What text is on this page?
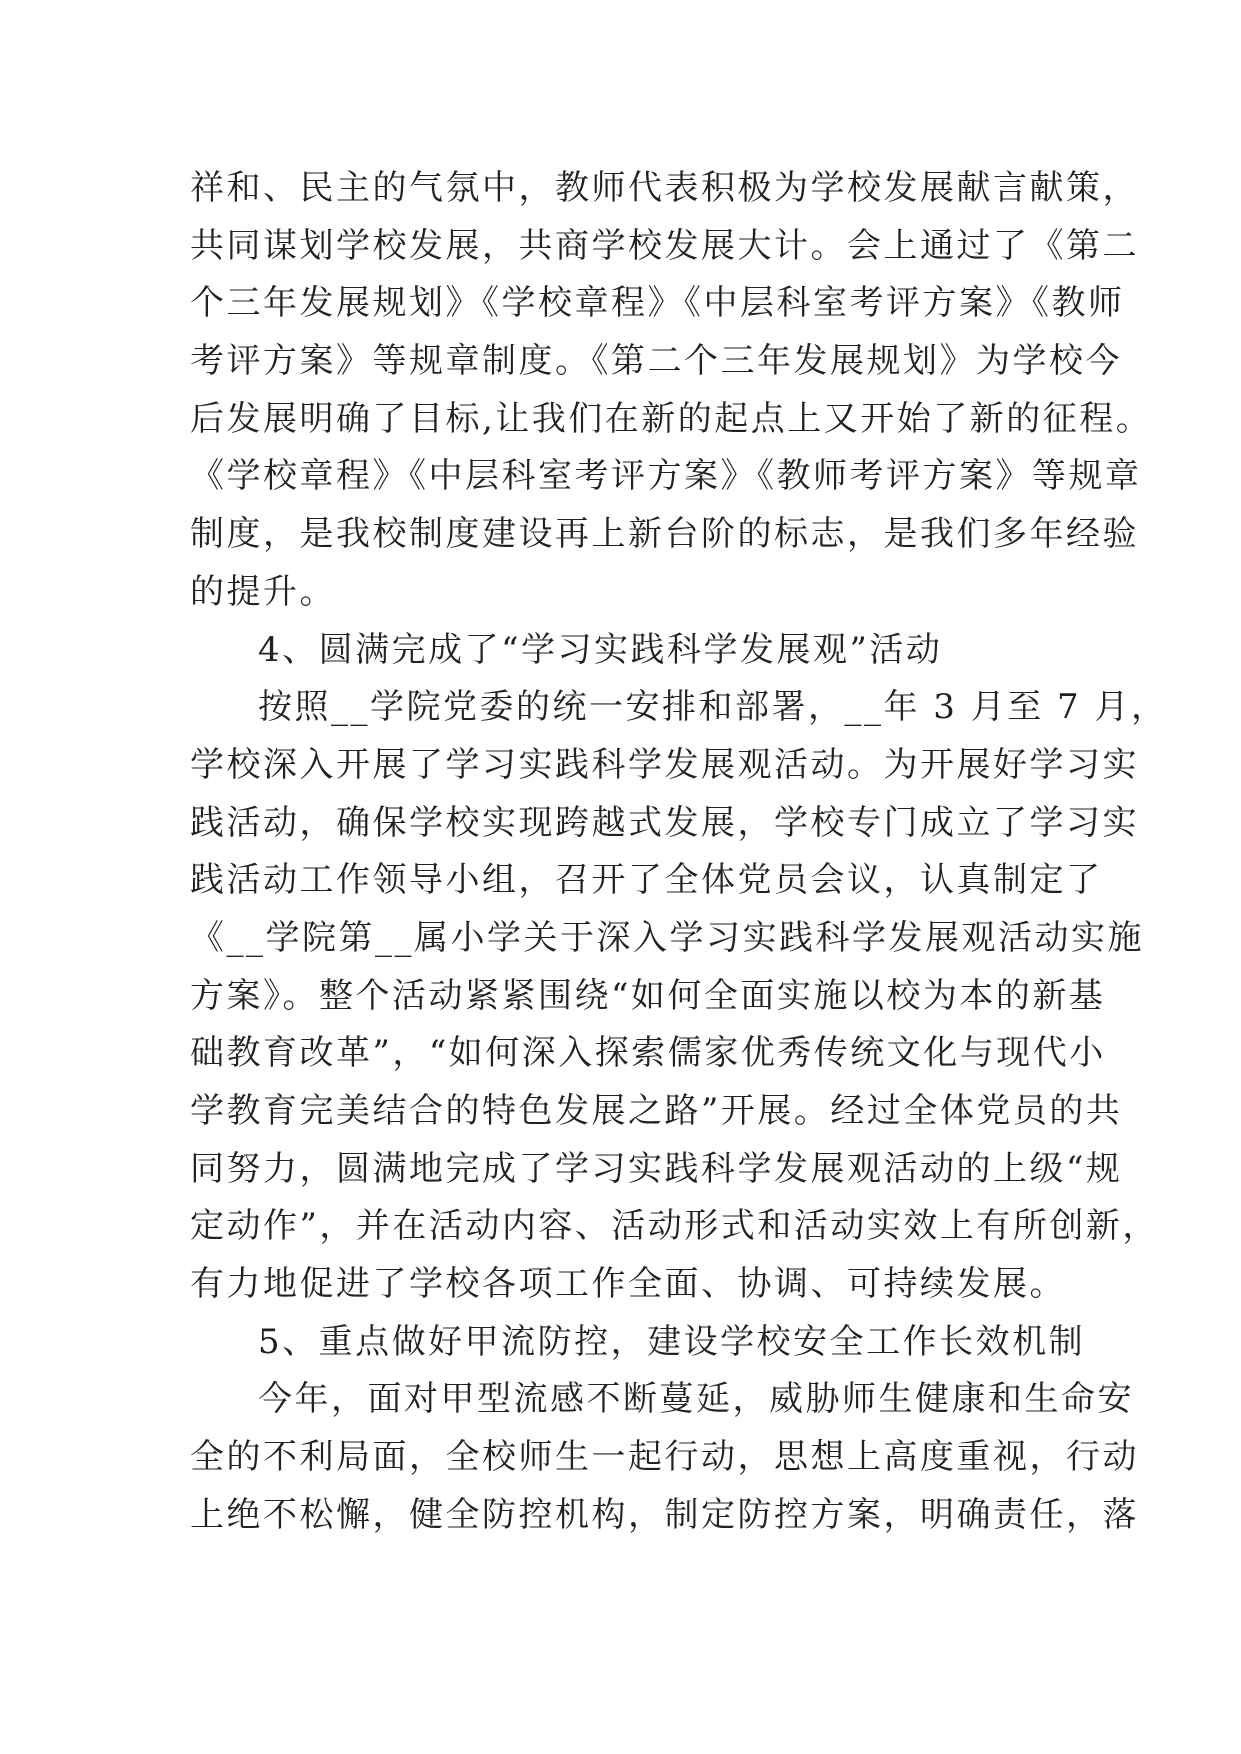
祥和、民主的气氛中，教师代表积极为学校发展献言献策，
共同谋划学校发展，共商学校发展大计。会上通过了《第二
个三年发展规划》《学校章程》《中层科室考评方案》《教师
考评方案》等规章制度。《第二个三年发展规划》为学校今
后发展明确了目标,让我们在新的起点上又开始了新的征程。
《学校章程》《中层科室考评方案》《教师考评方案》等规章
制度，是我校制度建设再上新台阶的标志，是我们多年经验
的提升。
4、圆满完成了“学习实践科学发展观”活动
按照__学院党委的统一安排和部署，__年 3 月至 7 月，
学校深入开展了学习实践科学发展观活动。为开展好学习实
践活动，确保学校实现跨越式发展，学校专门成立了学习实
践活动工作领导小组，召开了全体党员会议，认真制定了
《__学院第__属小学关于深入学习实践科学发展观活动实施
方案》。整个活动紧紧围绕“如何全面实施以校为本的新基
础教育改革”，“如何深入探索儒家优秀传统文化与现代小
学教育完美结合的特色发展之路”开展。经过全体党员的共
同努力，圆满地完成了学习实践科学发展观活动的上级“规
定动作”，并在活动内容、活动形式和活动实效上有所创新，
有力地促进了学校各项工作全面、协调、可持续发展。
5、重点做好甲流防控，建设学校安全工作长效机制
今年，面对甲型流感不断蔓延，威胁师生健康和生命安
全的不利局面，全校师生一起行动，思想上高度重视，行动
上绝不松懈，健全防控机构，制定防控方案，明确责任，落
